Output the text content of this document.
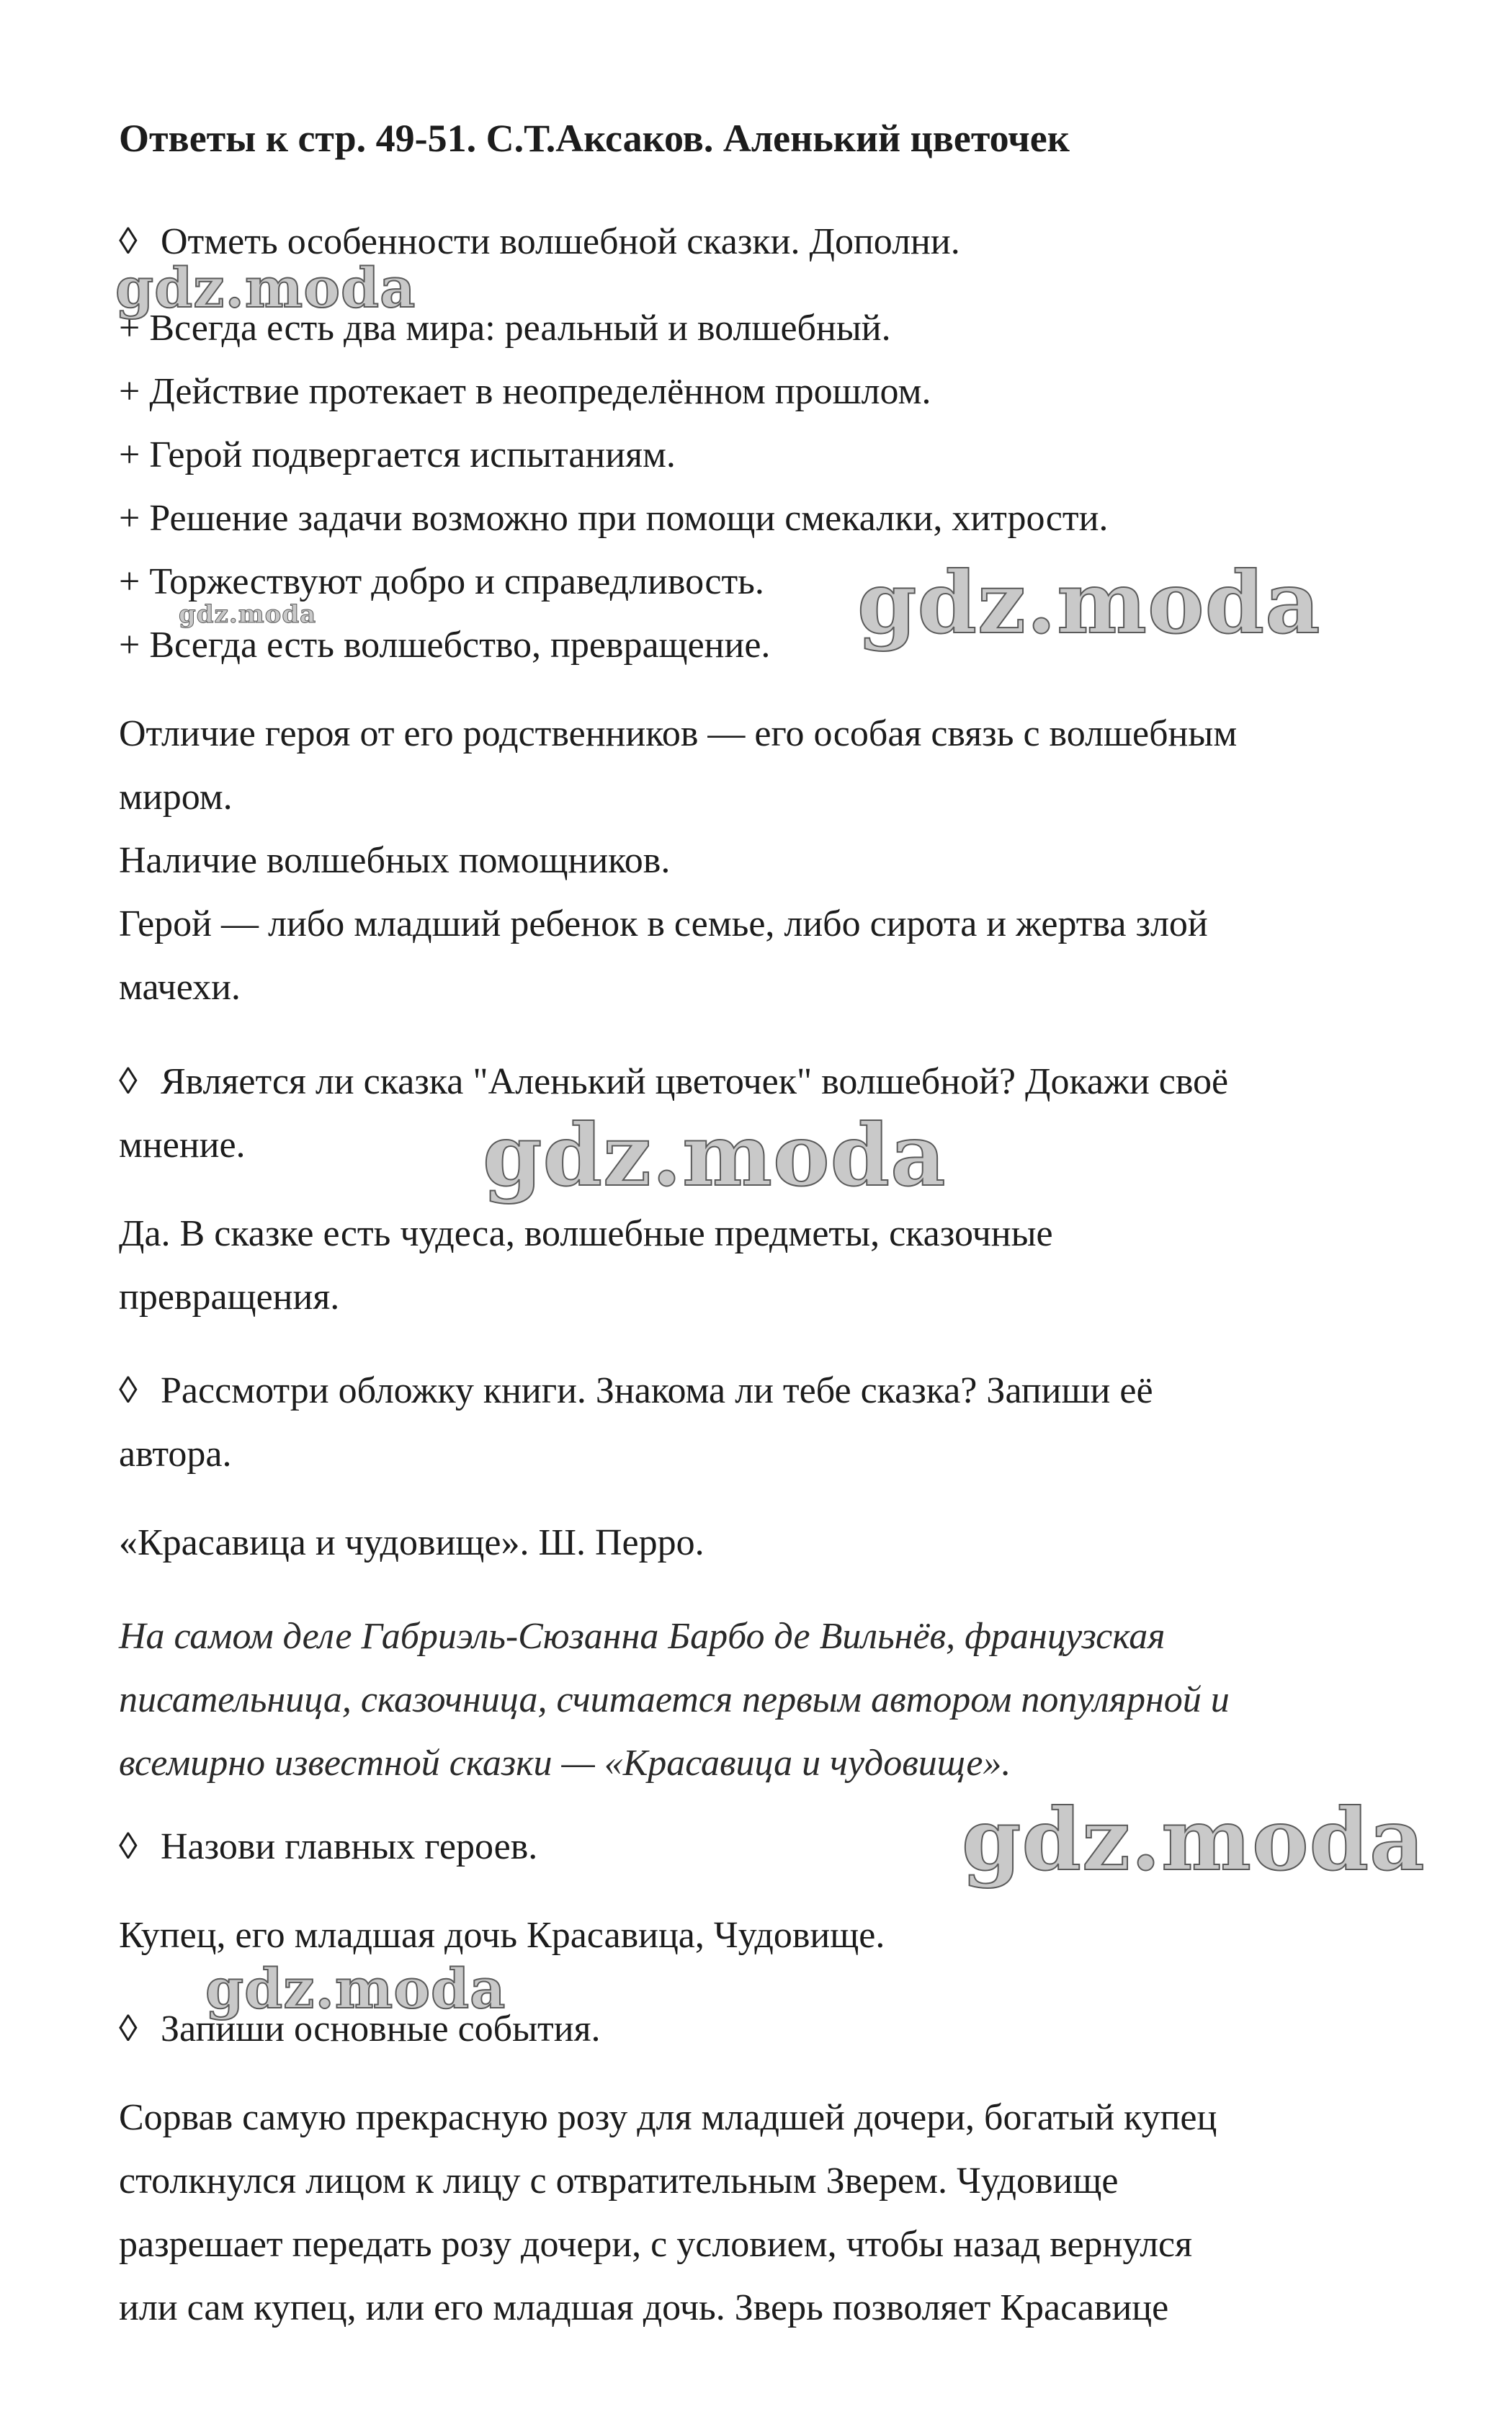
Ответы к стр. 49-51. С.Т.Аксаков. Аленький цветочек
◊ Отметь особенности волшебной сказки. Дополни.
+ Всегда есть два мира: реальный и волшебный.
+ Действие протекает в неопределённом прошлом.
+ Герой подвергается испытаниям.
+ Решение задачи возможно при помощи смекалки, хитрости.
+ Торжествуют добро и справедливость.
+ Всегда есть волшебство, превращение.
Отличие героя от его родственников — его особая связь с волшебным
миром.
Наличие волшебных помощников.
Герой — либо младший ребенок в семье, либо сирота и жертва злой
мачехи.
◊ Является ли сказка "Аленький цветочек" волшебной? Докажи своё
мнение.
Да. В сказке есть чудеса, волшебные предметы, сказочные
превращения.
◊ Рассмотри обложку книги. Знакома ли тебе сказка? Запиши её
автора.
«Красавица и чудовище». Ш. Перро.
На самом деле Габриэль-Сюзанна Барбо де Вильнёв, французская
писательница, сказочница, считается первым автором популярной и
всемирно известной сказки — «Красавица и чудовище».
◊ Назови главных героев.
Купец, его младшая дочь Красавица, Чудовище.
◊ Запиши основные события.
Сорвав самую прекрасную розу для младшей дочери, богатый купец
столкнулся лицом к лицу с отвратительным Зверем. Чудовище
разрешает передать розу дочери, с условием, чтобы назад вернулся
или сам купец, или его младшая дочь. Зверь позволяет Красавице
gdz.moda
gdz.moda	gdz.moda
gdz.moda
gdz.moda
gdz.moda
